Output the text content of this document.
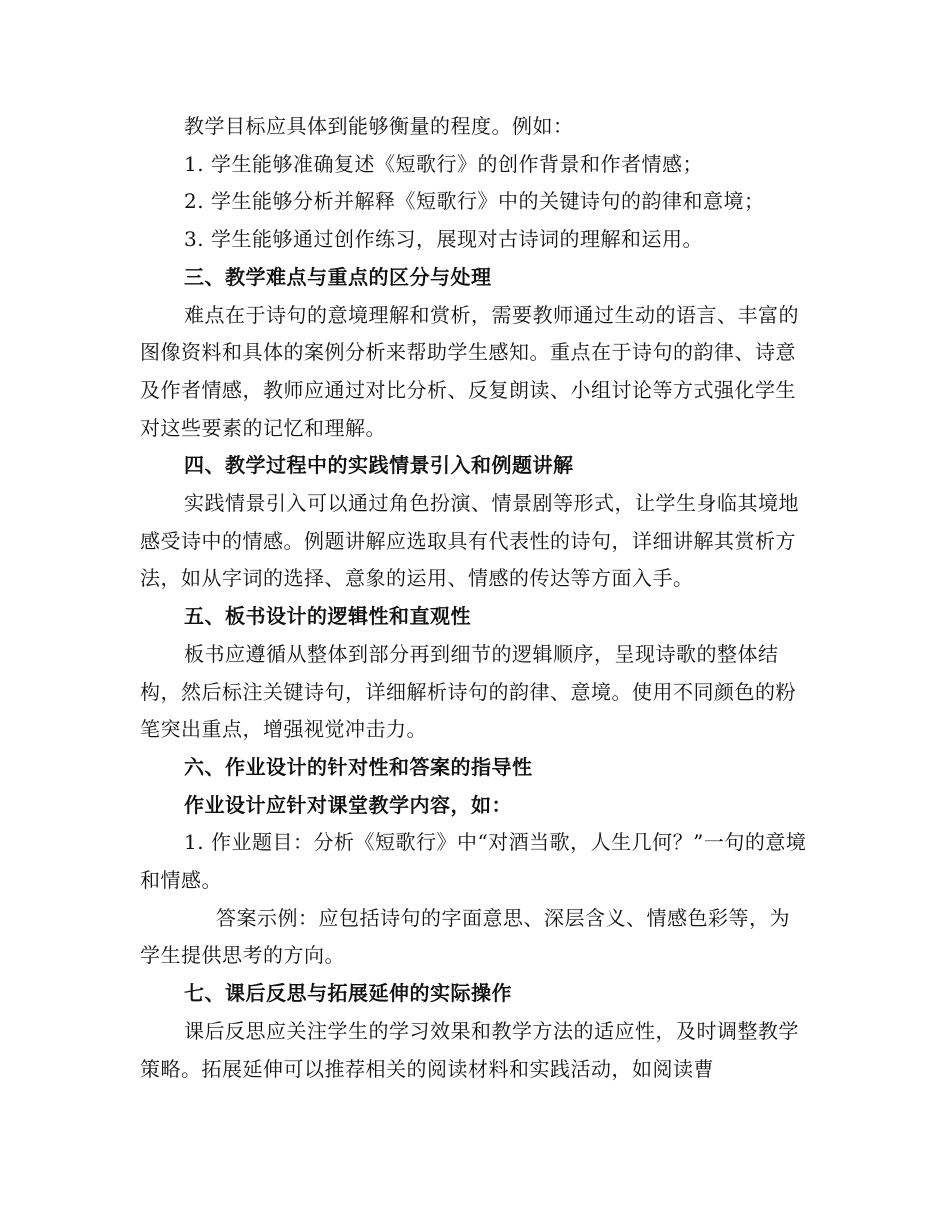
教学目标应具体到能够衡量的程度。例如：

1. 学生能够准确复述《短歌行》的创作背景和作者情感；

2. 学生能够分析并解释《短歌行》中的关键诗句的韵律和意境；

3. 学生能够通过创作练习，展现对古诗词的理解和运用。

三、教学难点与重点的区分与处理

难点在于诗句的意境理解和赏析，需要教师通过生动的语言、丰富的图像资料和具体的案例分析来帮助学生感知。重点在于诗句的韵律、诗意及作者情感，教师应通过对比分析、反复朗读、小组讨论等方式强化学生对这些要素的记忆和理解。

四、教学过程中的实践情景引入和例题讲解

实践情景引入可以通过角色扮演、情景剧等形式，让学生身临其境地感受诗中的情感。例题讲解应选取具有代表性的诗句，详细讲解其赏析方法，如从字词的选择、意象的运用、情感的传达等方面入手。

五、板书设计的逻辑性和直观性

板书应遵循从整体到部分再到细节的逻辑顺序，呈现诗歌的整体结构，然后标注关键诗句，详细解析诗句的韵律、意境。使用不同颜色的粉笔突出重点，增强视觉冲击力。

六、作业设计的针对性和答案的指导性

作业设计应针对课堂教学内容，如：

1. 作业题目：分析《短歌行》中“对酒当歌，人生几何？”一句的意境和情感。

答案示例：应包括诗句的字面意思、深层含义、情感色彩等，为学生提供思考的方向。

七、课后反思与拓展延伸的实际操作

课后反思应关注学生的学习效果和教学方法的适应性，及时调整教学策略。拓展延伸可以推荐相关的阅读材料和实践活动，如阅读曹
